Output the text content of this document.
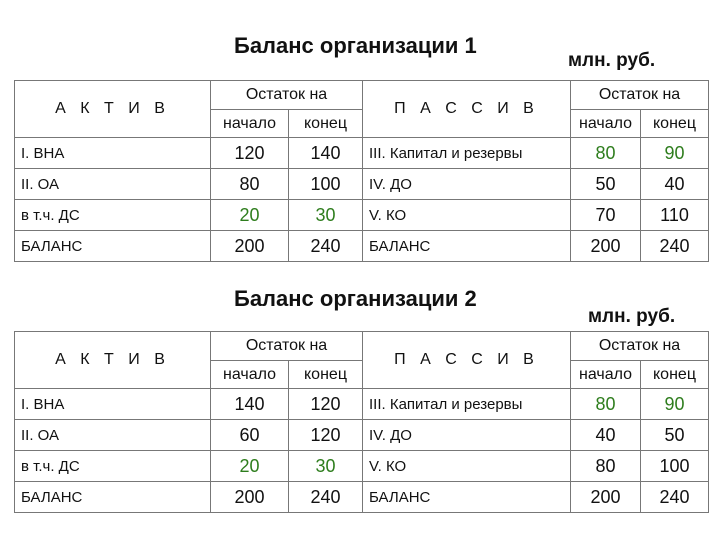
Баланс организации 1
млн. руб.
А К Т И В	Остаток на		П А С С И В	Остаток на	
	начало	конец		начало	конец
I. ВНА	120	140	III. Капитал и резервы	80	90
II. ОА	80	100	IV. ДО	50	40
в т.ч. ДС	20	30	V. КО	70	110
БАЛАНС	200	240	БАЛАНС	200	240
Баланс организации 2
млн. руб.
А К Т И В	Остаток на		П А С С И В	Остаток на	
	начало	конец		начало	конец
I. ВНА	140	120	III. Капитал и резервы	80	90
II. ОА	60	120	IV. ДО	40	50
в т.ч. ДС	20	30	V. КО	80	100
БАЛАНС	200	240	БАЛАНС	200	240
